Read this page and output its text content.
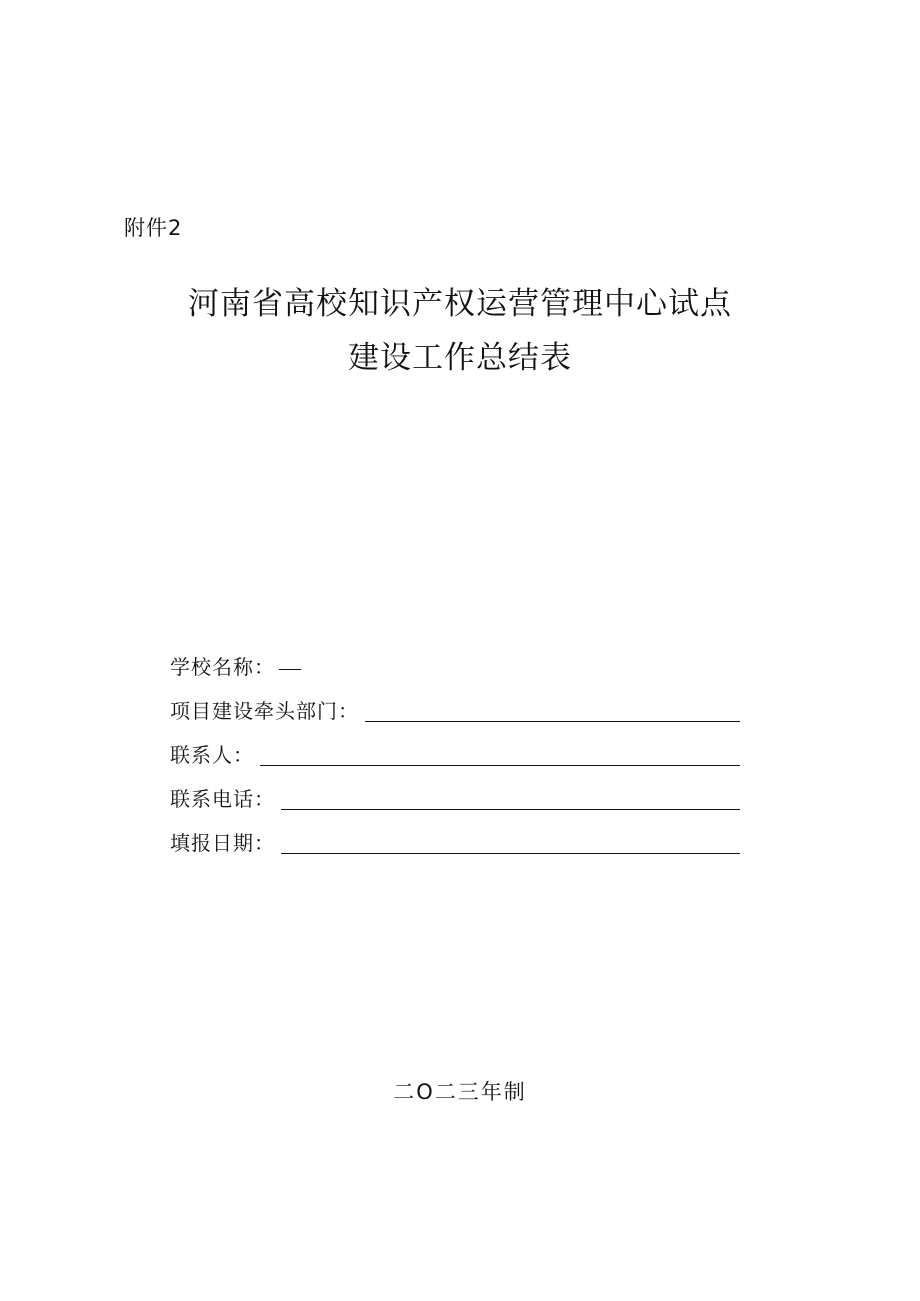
附件2
河南省高校知识产权运营管理中心试点
建设工作总结表
学校名称：
项目建设牵头部门：
联系人：
联系电话：
填报日期：
二O二三年制
